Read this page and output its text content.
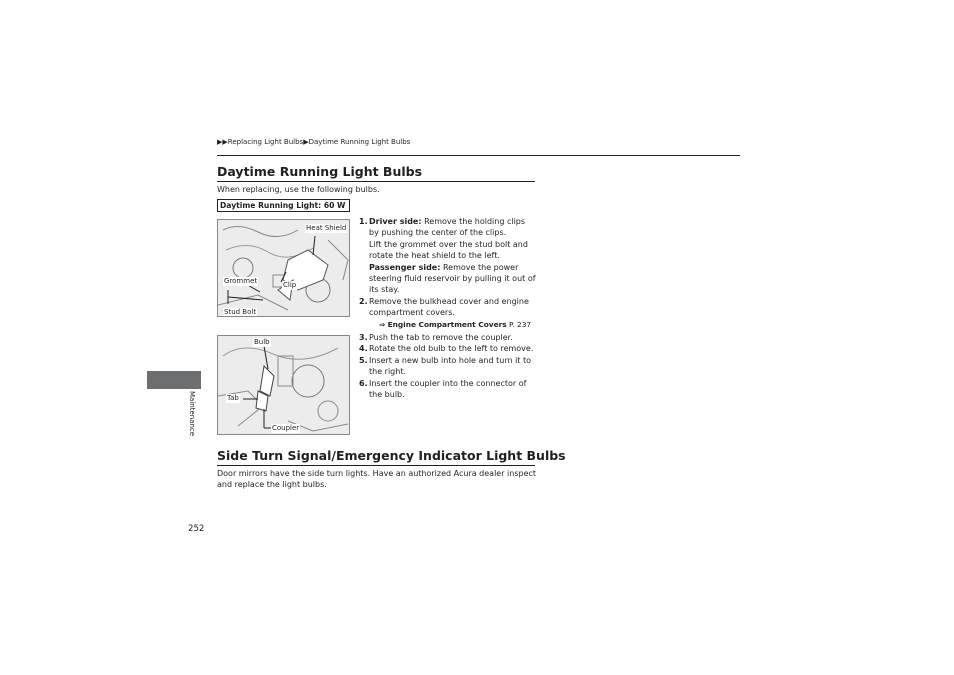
▶▶Replacing Light Bulbs▶Daytime Running Light Bulbs
Daytime Running Light Bulbs
When replacing, use the following bulbs.
Daytime Running Light: 60 W
Heat Shield
Grommet	Clip
Stud Bolt
Bulb
Tab
Coupler
1. Driver side: Remove the holding clips by pushing the center of the clips.
Lift the grommet over the stud bolt and rotate the heat shield to the left.
Passenger side: Remove the power steering fluid reservoir by pulling it out of its stay.
2. Remove the bulkhead cover and engine compartment covers.
⇒ Engine Compartment Covers P. 237
3. Push the tab to remove the coupler.
4. Rotate the old bulb to the left to remove.
5. Insert a new bulb into hole and turn it to the right.
6. Insert the coupler into the connector of the bulb.
Side Turn Signal/Emergency Indicator Light Bulbs
Door mirrors have the side turn lights. Have an authorized Acura dealer inspect and replace the light bulbs.
Maintenance
252
